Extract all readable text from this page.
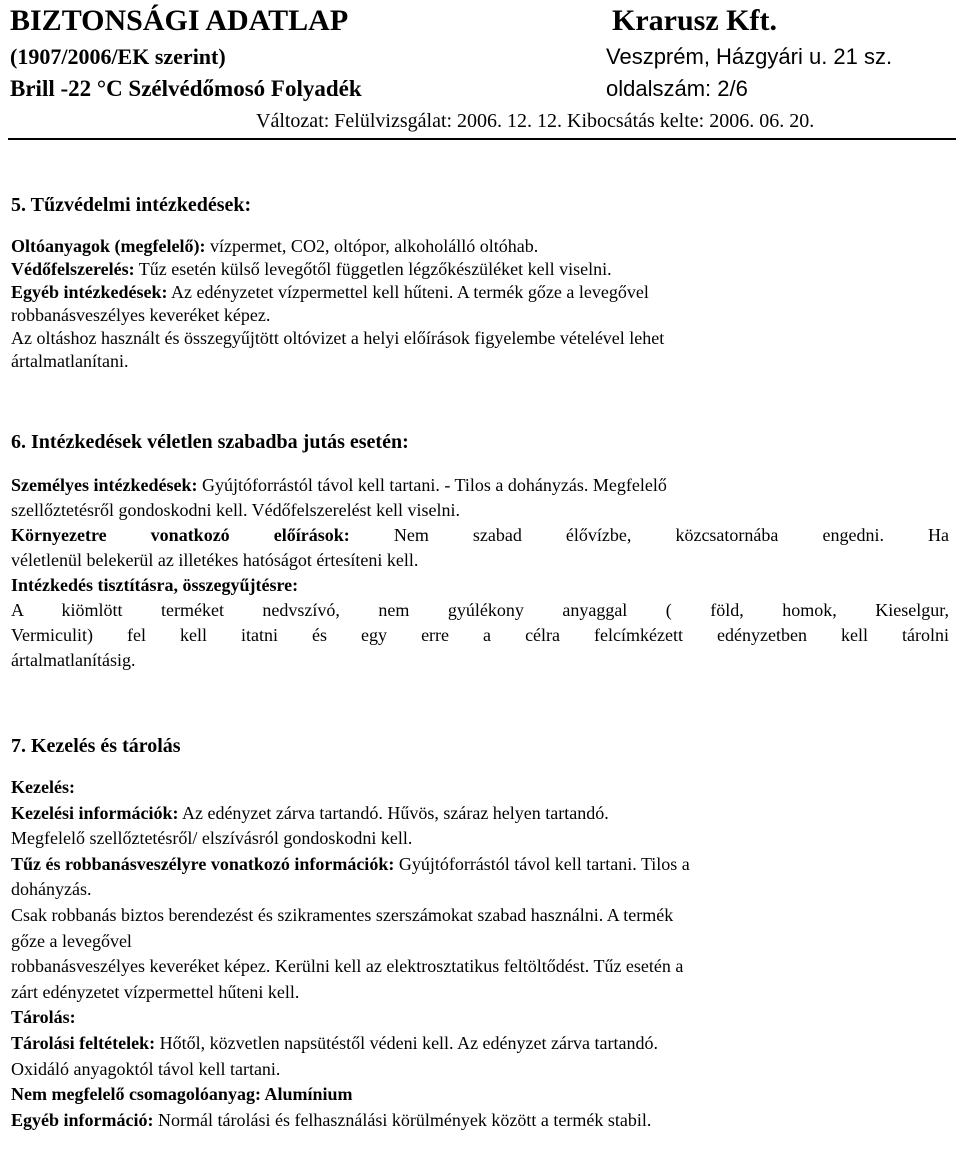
BIZTONSÁGI ADATLAP	Krarusz Kft.
(1907/2006/EK szerint)	Veszprém, Házgyári u. 21 sz.
Brill -22 °C Szélvédőmosó Folyadék	oldalszám: 2/6
Változat: Felülvizsgálat: 2006. 12. 12. Kibocsátás kelte: 2006. 06. 20.
5. Tűzvédelmi intézkedések:
Oltóanyagok (megfelelő): vízpermet, CO2, oltópor, alkoholálló oltóhab.
Védőfelszerelés: Tűz esetén külső levegőtől független légzőkészüléket kell viselni.
Egyéb intézkedések: Az edényzetet vízpermettel kell hűteni. A termék gőze a levegővel
robbanásveszélyes keveréket képez.
Az oltáshoz használt és összegyűjtött oltóvizet a helyi előírások figyelembe vételével lehet
ártalmatlanítani.
6. Intézkedések véletlen szabadba jutás esetén:
Személyes intézkedések: Gyújtóforrástól távol kell tartani. - Tilos a dohányzás. Megfelelő
szellőztetésről gondoskodni kell. Védőfelszerelést kell viselni.
Környezetre vonatkozó előírások: Nem szabad élővízbe, közcsatornába engedni. Ha
véletlenül belekerül az illetékes hatóságot értesíteni kell.
Intézkedés tisztításra, összegyűjtésre:
A kiömlött terméket nedvszívó, nem gyúlékony anyaggal ( föld, homok, Kieselgur,
Vermiculit) fel kell itatni és egy erre a célra felcímkézett edényzetben kell tárolni
ártalmatlanításig.
7. Kezelés és tárolás
Kezelés:
Kezelési információk: Az edényzet zárva tartandó. Hűvös, száraz helyen tartandó.
Megfelelő szellőztetésről/ elszívásról gondoskodni kell.
Tűz és robbanásveszélyre vonatkozó információk: Gyújtóforrástól távol kell tartani. Tilos a
dohányzás.
Csak robbanás biztos berendezést és szikramentes szerszámokat szabad használni. A termék
gőze a levegővel
robbanásveszélyes keveréket képez. Kerülni kell az elektrosztatikus feltöltődést. Tűz esetén a
zárt edényzetet vízpermettel hűteni kell.
Tárolás:
Tárolási feltételek: Hőtől, közvetlen napsütéstől védeni kell. Az edényzet zárva tartandó.
Oxidáló anyagoktól távol kell tartani.
Nem megfelelő csomagolóanyag: Alumínium
Egyéb információ: Normál tárolási és felhasználási körülmények között a termék stabil.
